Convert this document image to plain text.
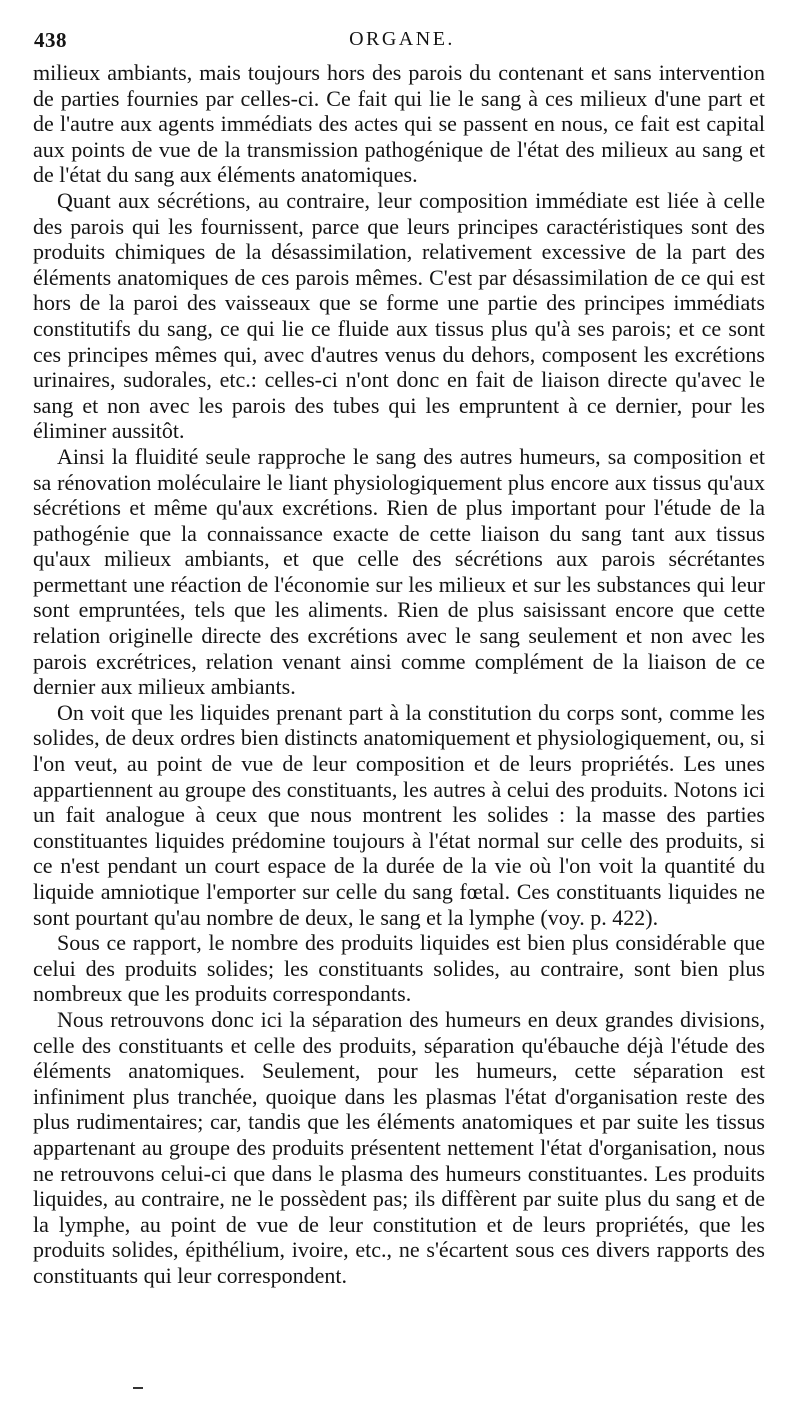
438	ORGANE.

milieux ambiants, mais toujours hors des parois du contenant et sans intervention de parties fournies par celles-ci. Ce fait qui lie le sang à ces milieux d'une part et de l'autre aux agents immédiats des actes qui se passent en nous, ce fait est capital aux points de vue de la transmission pathogénique de l'état des milieux au sang et de l'état du sang aux éléments anatomiques.

Quant aux sécrétions, au contraire, leur composition immédiate est liée à celle des parois qui les fournissent, parce que leurs principes caractéristiques sont des produits chimiques de la désassimilation, relativement excessive de la part des éléments anatomiques de ces parois mêmes. C'est par désassimilation de ce qui est hors de la paroi des vaisseaux que se forme une partie des principes immédiats constitutifs du sang, ce qui lie ce fluide aux tissus plus qu'à ses parois; et ce sont ces principes mêmes qui, avec d'autres venus du dehors, composent les excrétions urinaires, sudorales, etc.: celles-ci n'ont donc en fait de liaison directe qu'avec le sang et non avec les parois des tubes qui les empruntent à ce dernier, pour les éliminer aussitôt.

Ainsi la fluidité seule rapproche le sang des autres humeurs, sa composition et sa rénovation moléculaire le liant physiologiquement plus encore aux tissus qu'aux sécrétions et même qu'aux excrétions. Rien de plus important pour l'étude de la pathogénie que la connaissance exacte de cette liaison du sang tant aux tissus qu'aux milieux ambiants, et que celle des sécrétions aux parois sécrétantes permettant une réaction de l'économie sur les milieux et sur les substances qui leur sont empruntées, tels que les aliments. Rien de plus saisissant encore que cette relation originelle directe des excrétions avec le sang seulement et non avec les parois excrétrices, relation venant ainsi comme complément de la liaison de ce dernier aux milieux ambiants.

On voit que les liquides prenant part à la constitution du corps sont, comme les solides, de deux ordres bien distincts anatomiquement et physiologiquement, ou, si l'on veut, au point de vue de leur composition et de leurs propriétés. Les unes appartiennent au groupe des constituants, les autres à celui des produits. Notons ici un fait analogue à ceux que nous montrent les solides : la masse des parties constituantes liquides prédomine toujours à l'état normal sur celle des produits, si ce n'est pendant un court espace de la durée de la vie où l'on voit la quantité du liquide amniotique l'emporter sur celle du sang fœtal. Ces constituants liquides ne sont pourtant qu'au nombre de deux, le sang et la lymphe (voy. p. 422).

Sous ce rapport, le nombre des produits liquides est bien plus considérable que celui des produits solides; les constituants solides, au contraire, sont bien plus nombreux que les produits correspondants.

Nous retrouvons donc ici la séparation des humeurs en deux grandes divisions, celle des constituants et celle des produits, séparation qu'ébauche déjà l'étude des éléments anatomiques. Seulement, pour les humeurs, cette séparation est infiniment plus tranchée, quoique dans les plasmas l'état d'organisation reste des plus rudimentaires; car, tandis que les éléments anatomiques et par suite les tissus appartenant au groupe des produits présentent nettement l'état d'organisation, nous ne retrouvons celui-ci que dans le plasma des humeurs constituantes. Les produits liquides, au contraire, ne le possèdent pas; ils diffèrent par suite plus du sang et de la lymphe, au point de vue de leur constitution et de leurs propriétés, que les produits solides, épithélium, ivoire, etc., ne s'écartent sous ces divers rapports des constituants qui leur correspondent.
